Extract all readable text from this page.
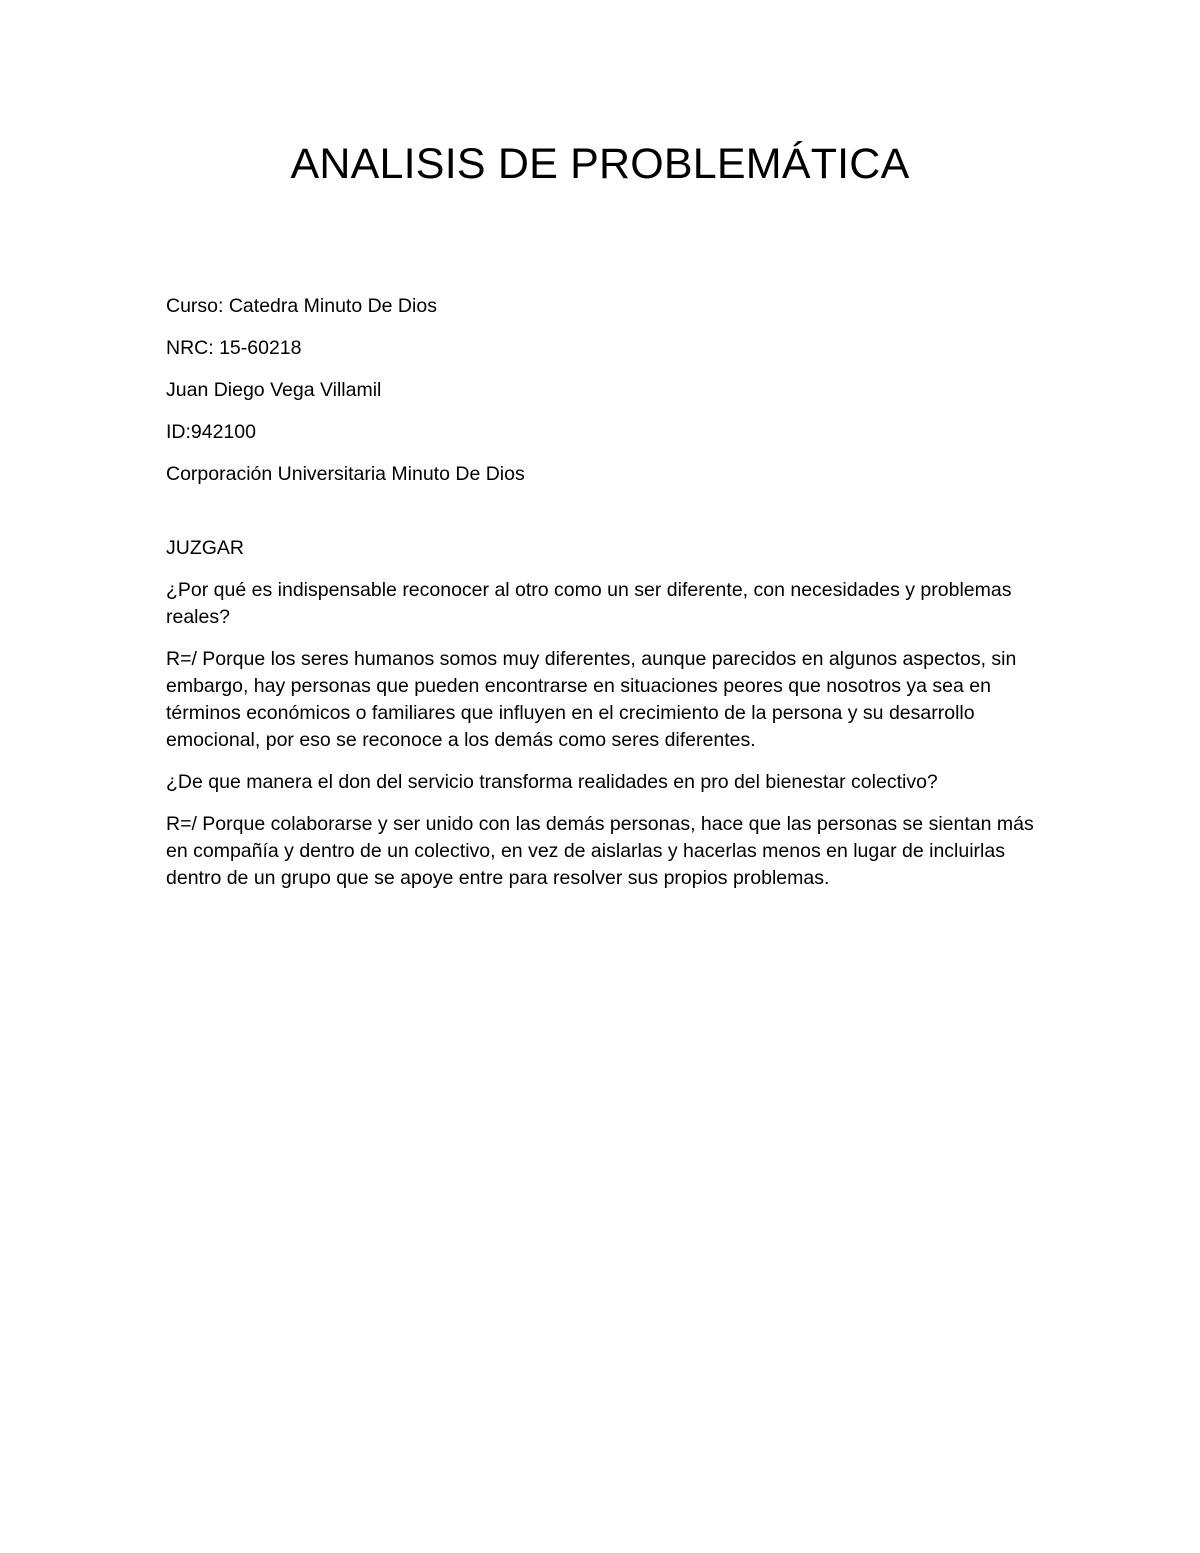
ANALISIS DE PROBLEMÁTICA

Curso: Catedra Minuto De Dios

NRC: 15-60218

Juan Diego Vega Villamil

ID:942100

Corporación Universitaria Minuto De Dios

JUZGAR

¿Por qué es indispensable reconocer al otro como un ser diferente, con necesidades y problemas reales?

R=/ Porque los seres humanos somos muy diferentes, aunque parecidos en algunos aspectos, sin embargo, hay personas que pueden encontrarse en situaciones peores que nosotros ya sea en términos económicos o familiares que influyen en el crecimiento de la persona y su desarrollo emocional, por eso se reconoce a los demás como seres diferentes.

¿De que manera el don del servicio transforma realidades en pro del bienestar colectivo?

R=/ Porque colaborarse y ser unido con las demás personas, hace que las personas se sientan más en compañía y dentro de un colectivo, en vez de aislarlas y hacerlas menos en lugar de incluirlas dentro de un grupo que se apoye entre para resolver sus propios problemas.
